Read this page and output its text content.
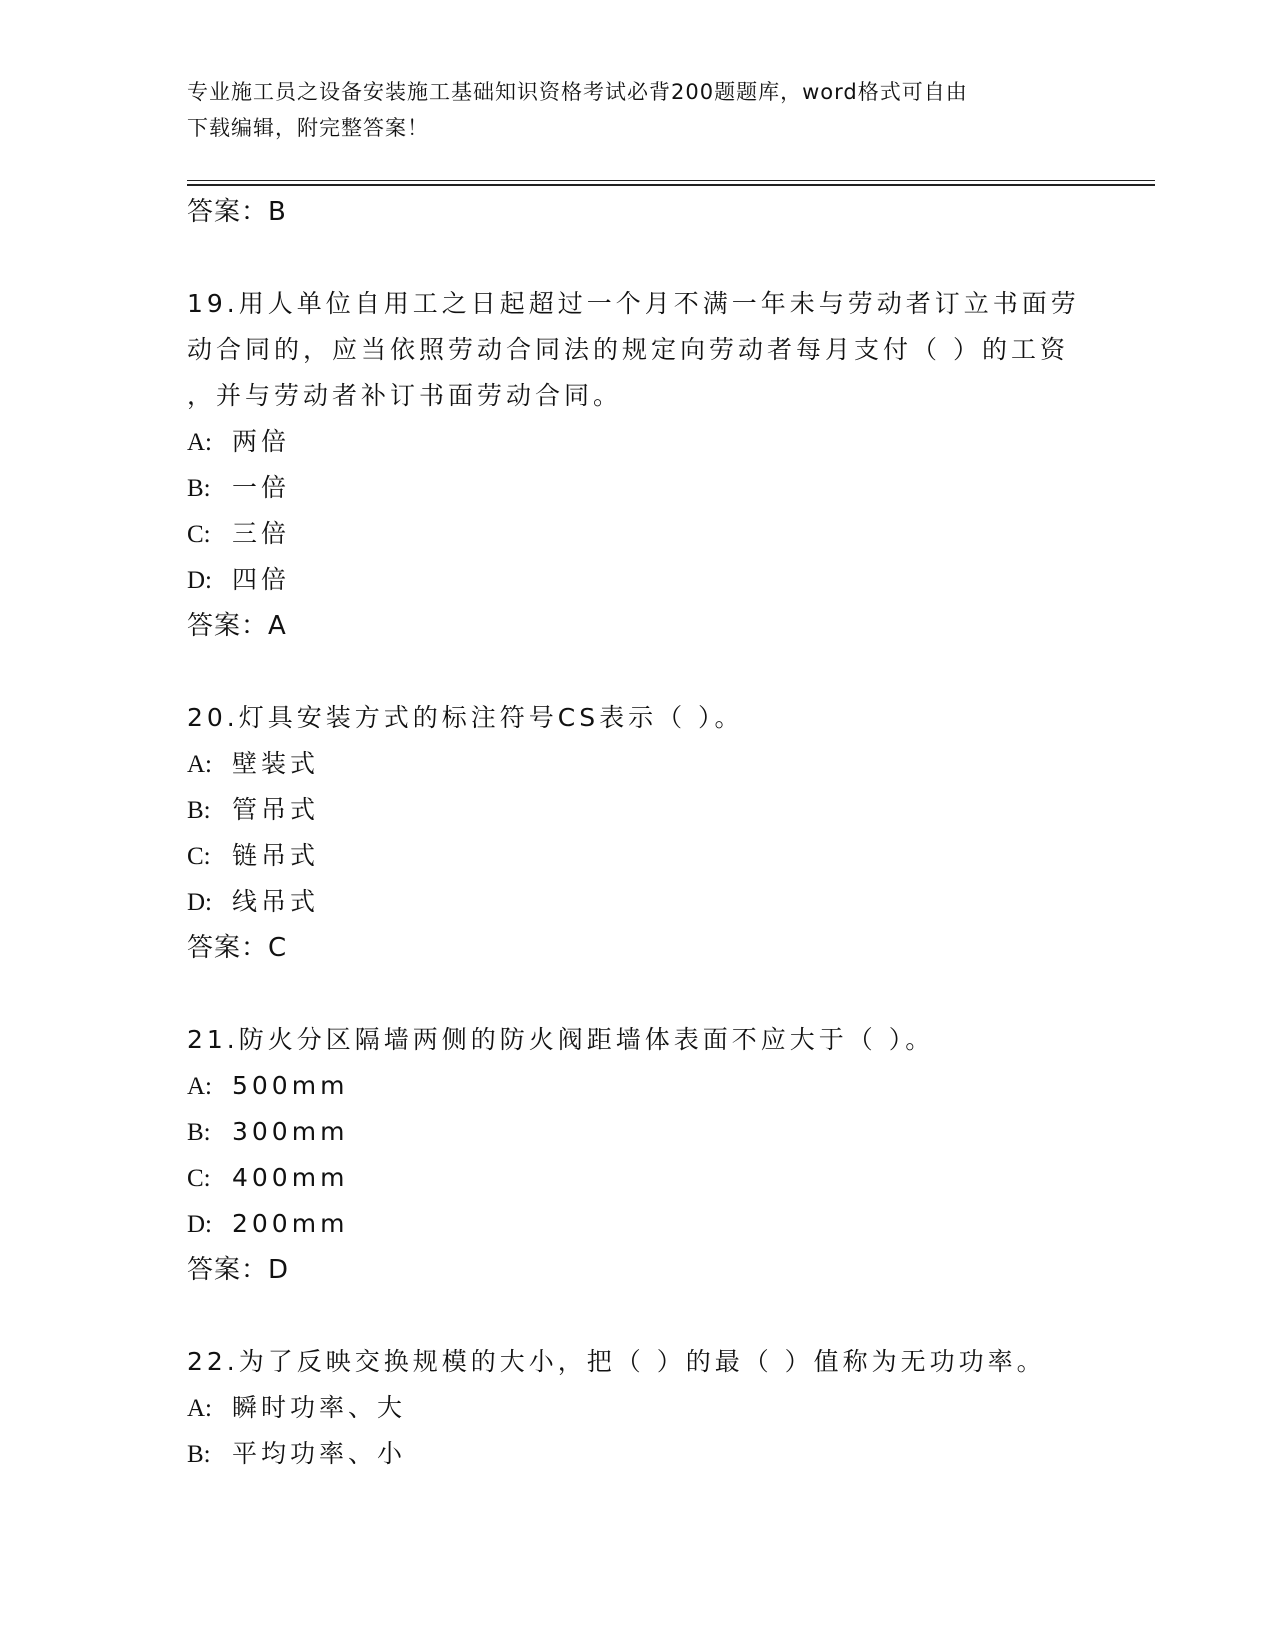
专业施工员之设备安装施工基础知识资格考试必背200题题库，word格式可自由
下载编辑，附完整答案！
答案：B
19.用人单位自用工之日起超过一个月不满一年未与劳动者订立书面劳
动合同的，应当依照劳动合同法的规定向劳动者每月支付（ ）的工资
，并与劳动者补订书面劳动合同。
A: 两倍
B: 一倍
C: 三倍
D: 四倍
答案：A
20.灯具安装方式的标注符号CS表示（ ）。
A: 壁装式
B: 管吊式
C: 链吊式
D: 线吊式
答案：C
21.防火分区隔墙两侧的防火阀距墙体表面不应大于（ ）。
A: 500mm
B: 300mm
C: 400mm
D: 200mm
答案：D
22.为了反映交换规模的大小，把（ ）的最（ ）值称为无功功率。
A: 瞬时功率、大
B: 平均功率、小
